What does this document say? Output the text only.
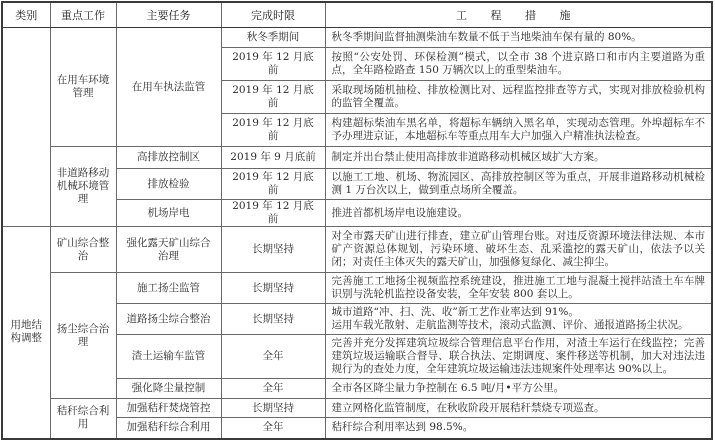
类别	重点工作	主要任务	完成时限	工 程 措 施
	在用车环境管理	在用车执法监管	秋冬季期间	秋冬季期间监督抽测柴油车数量不低于当地柴油车保有量的 80%。
			2019 年 12 月底前	按照“公安处罚、环保检测”模式，以全市 38 个进京路口和市内主要道路为重点，全年路检路查 150 万辆次以上的重型柴油车。
			2019 年 12 月底前	采取现场随机抽检、排放检测比对、远程监控排查等方式，实现对排放检验机构的监管全覆盖。
			2019 年 12 月底前	构建超标柴油车黑名单，将超标车辆纳入黑名单，实现动态管理。外埠超标车不予办理进京证，本地超标车等重点用车大户加强入户精准执法检查。
	非道路移动机械环境管理	高排放控制区	2019 年 9 月底前	制定并出台禁止使用高排放非道路移动机械区域扩大方案。
		排放检验	2019 年 12 月底前	以施工工地、机场、物流园区、高排放控制区等为重点，开展非道路移动机械检测 1 万台次以上，做到重点场所全覆盖。
		机场岸电	2019 年 12 月底前	推进首都机场岸电设施建设。
用地结构调整	矿山综合整治	强化露天矿山综合治理	长期坚持	对全市露天矿山进行排查，建立矿山管理台账。对违反资源环境法律法规、本市矿产资源总体规划，污染环境、破坏生态、乱采滥挖的露天矿山，依法予以关闭；对责任主体灭失的露天矿山，加强修复绿化、减尘抑尘。
	扬尘综合治理	施工扬尘监管	长期坚持	完善施工工地扬尘视频监控系统建设，推进施工工地与混凝土搅拌站渣土车车牌识别与洗轮机监控设备安装，全年安装 800 套以上。
		道路扬尘综合整治	长期坚持	城市道路“冲、扫、洗、收”新工艺作业率达到 91%。
运用车载光散射、走航监测等技术，滚动式监测、评价、通报道路扬尘状况。

		渣土运输车监管	全年	完善并充分发挥建筑垃圾综合管理信息平台作用，对渣土车运行在线监控；完善建筑垃圾运输联合督导、联合执法、定期调度、案件移送等机制，加大对违法违规行为的查处力度，全年建筑垃圾运输违法违规案件处理率达 90%以上。
		强化降尘量控制	全年	全市各区降尘量力争控制在 6.5 吨/月•平方公里。
	秸秆综合利用	加强秸秆焚烧管控	长期坚持	建立网格化监管制度，在秋收阶段开展秸秆禁烧专项巡查。
		加强秸秆综合利用	全年	秸秆综合利用率达到 98.5%。
